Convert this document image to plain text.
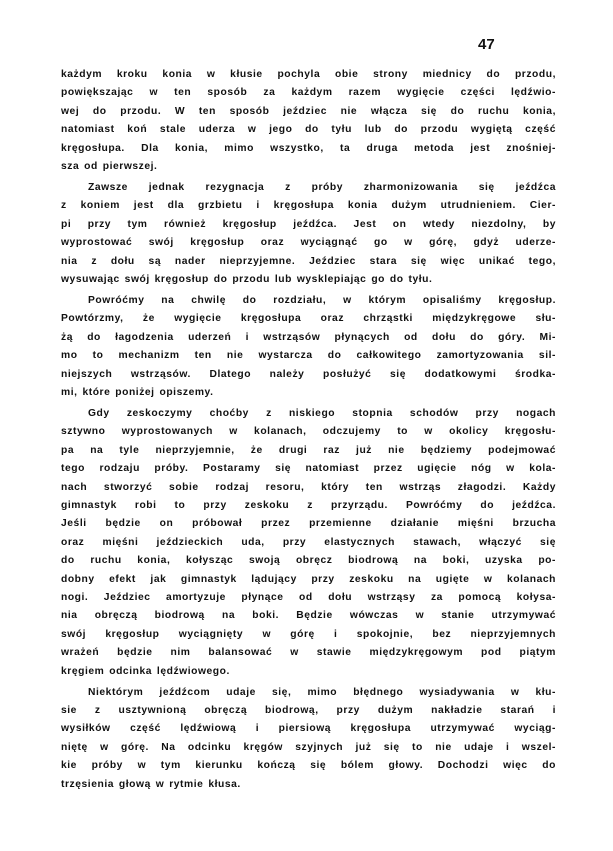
47
każdym kroku konia w kłusie pochyla obie strony miednicy do przodu,
powiększając w ten sposób za każdym razem wygięcie części lędźwio-
wej do przodu. W ten sposób jeździec nie włącza się do ruchu konia,
natomiast koń stale uderza w jego do tyłu lub do przodu wygiętą część
kręgosłupa. Dla konia, mimo wszystko, ta druga metoda jest znośniej-
sza od pierwszej.
Zawsze jednak rezygnacja z próby zharmonizowania się jeźdźca
z koniem jest dla grzbietu i kręgosłupa konia dużym utrudnieniem. Cier-
pi przy tym również kręgosłup jeźdźca. Jest on wtedy niezdolny, by
wyprostować swój kręgosłup oraz wyciągnąć go w górę, gdyż uderze-
nia z dołu są nader nieprzyjemne. Jeździec stara się więc unikać tego,
wysuwając swój kręgosłup do przodu lub wysklepiając go do tyłu.
Powróćmy na chwilę do rozdziału, w którym opisaliśmy kręgosłup.
Powtórzmy, że wygięcie kręgosłupa oraz chrząstki międzykręgowe słu-
żą do łagodzenia uderzeń i wstrząsów płynących od dołu do góry. Mi-
mo to mechanizm ten nie wystarcza do całkowitego zamortyzowania sil-
niejszych wstrząsów. Dlatego należy posłużyć się dodatkowymi środka-
mi, które poniżej opiszemy.
Gdy zeskoczymy choćby z niskiego stopnia schodów przy nogach
sztywno wyprostowanych w kolanach, odczujemy to w okolicy kręgosłu-
pa na tyle nieprzyjemnie, że drugi raz już nie będziemy podejmować
tego rodzaju próby. Postaramy się natomiast przez ugięcie nóg w kola-
nach stworzyć sobie rodzaj resoru, który ten wstrząs złagodzi. Każdy
gimnastyk robi to przy zeskoku z przyrządu. Powróćmy do jeźdźca.
Jeśli będzie on próbował przez przemienne działanie mięśni brzucha
oraz mięśni jeździeckich uda, przy elastycznych stawach, włączyć się
do ruchu konia, kołysząc swoją obręcz biodrową na boki, uzyska po-
dobny efekt jak gimnastyk lądujący przy zeskoku na ugięte w kolanach
nogi. Jeździec amortyzuje płynące od dołu wstrząsy za pomocą kołysa-
nia obręczą biodrową na boki. Będzie wówczas w stanie utrzymywać
swój kręgosłup wyciągnięty w górę i spokojnie, bez nieprzyjemnych
wrażeń będzie nim balansować w stawie międzykręgowym pod piątym
kręgiem odcinka lędźwiowego.
Niektórym jeźdźcom udaje się, mimo błędnego wysiadywania w kłu-
sie z usztywnioną obręczą biodrową, przy dużym nakładzie starań i
wysiłków część lędźwiową i piersiową kręgosłupa utrzymywać wyciąg-
niętę w górę. Na odcinku kręgów szyjnych już się to nie udaje i wszel-
kie próby w tym kierunku kończą się bólem głowy. Dochodzi więc do
trzęsienia głową w rytmie kłusa.
